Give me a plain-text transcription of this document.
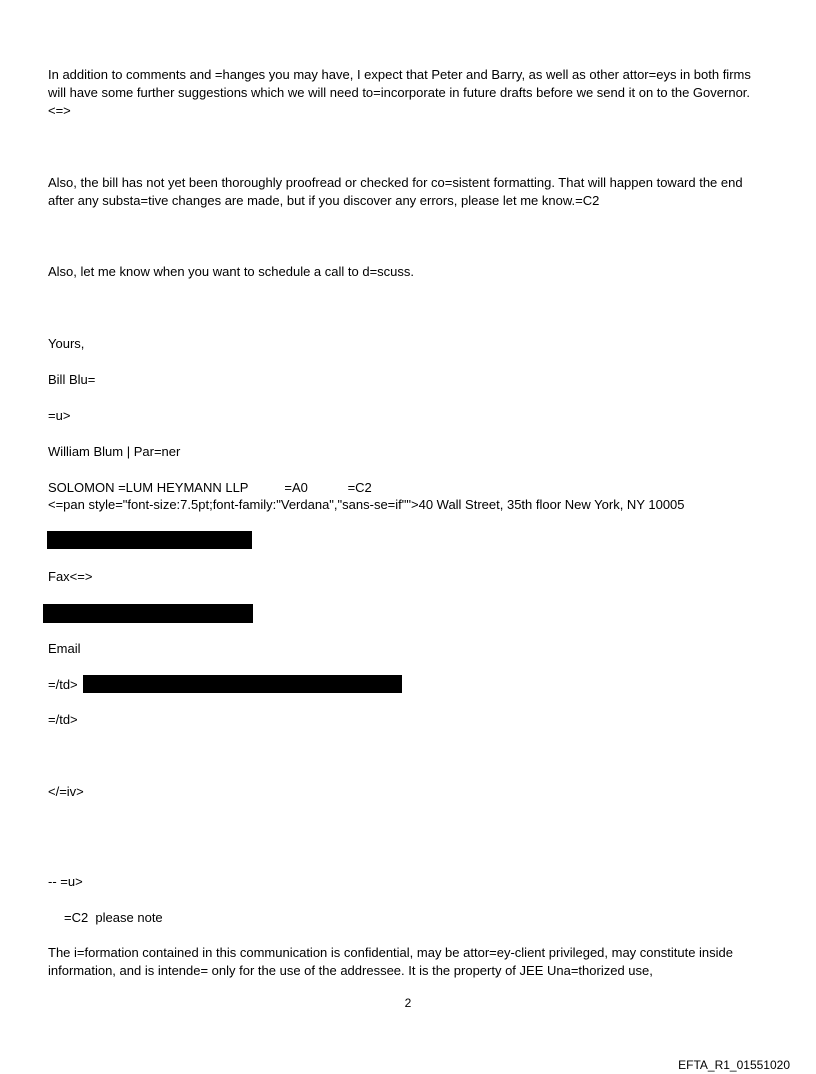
In addition to comments and =hanges you may have, I expect that Peter and Barry, as well as other attor=eys in both firms will have some further suggestions which we will need to=incorporate in future drafts before we send it on to the Governor.<=>
Also, the bill has not yet been thoroughly proofread or checked for co=sistent formatting. That will happen toward the end after any substa=tive changes are made, but if you discover any errors, please let me know.=C2
Also, let me know when you want to schedule a call to d=scuss.
Yours,
Bill Blu=
=u>
William Blum | Par=ner
SOLOMON =LUM HEYMANN LLP          =A0           =C2
<=pan style="font-size:7.5pt;font-family:"Verdana","sans-se=if"">40 Wall Street, 35th floor New York, NY 10005
Fax<=>
Email
=/td>
=/td>
</=iv>
-- =u>
=C2  please note
The i=formation contained in this communication is confidential, may be attor=ey-client privileged, may constitute inside information, and is intende= only for the use of the addressee. It is the property of JEE Una=thorized use,
2
EFTA_R1_01551020
